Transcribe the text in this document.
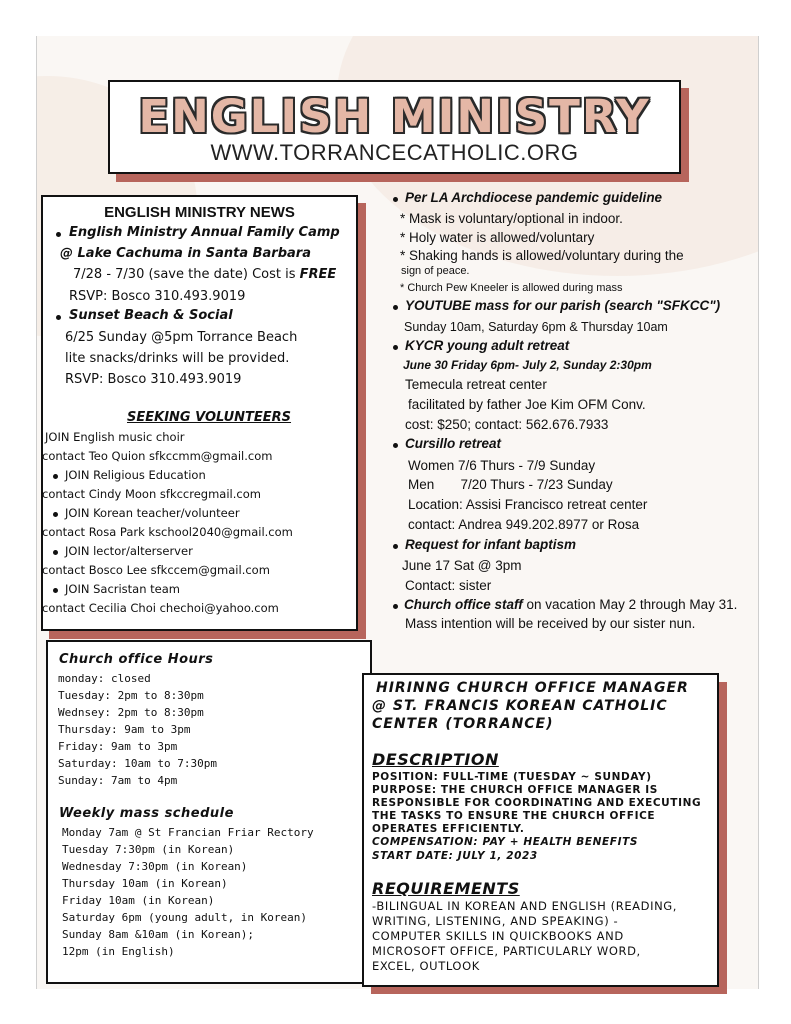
ENGLISH MINISTRY
WWW.TORRANCECATHOLIC.ORG
ENGLISH MINISTRY NEWS
English Ministry Annual Family Camp
@ Lake Cachuma in Santa Barbara
7/28 - 7/30 (save the date) Cost is FREE
RSVP: Bosco 310.493.9019
Sunset Beach & Social
6/25 Sunday @5pm Torrance Beach
lite snacks/drinks will be provided.
RSVP: Bosco 310.493.9019
SEEKING VOLUNTEERS
JOIN English music choir
contact Teo Quion sfkccmm@gmail.com
JOIN Religious Education
contact Cindy Moon sfkccregmail.com
JOIN Korean teacher/volunteer
contact Rosa Park kschool2040@gmail.com
JOIN lector/alterserver
contact Bosco Lee sfkccem@gmail.com
JOIN Sacristan team
contact Cecilia Choi chechoi@yahoo.com
Church office Hours
monday: closed
Tuesday: 2pm to 8:30pm
Wednsey: 2pm to 8:30pm
Thursday: 9am to 3pm
Friday: 9am to 3pm
Saturday: 10am to 7:30pm
Sunday: 7am to 4pm
Weekly mass schedule
Monday 7am @ St Francian Friar Rectory
Tuesday 7:30pm (in Korean)
Wednesday 7:30pm (in Korean)
Thursday 10am (in Korean)
Friday 10am (in Korean)
Saturday 6pm (young adult, in Korean)
Sunday 8am &10am (in Korean);
12pm (in English)
Per LA Archdiocese pandemic guideline
* Mask is voluntary/optional in indoor.
* Holy water is allowed/voluntary
* Shaking hands is allowed/voluntary during the
sign of peace.
* Church Pew Kneeler is allowed during mass
YOUTUBE mass for our parish (search "SFKCC")
Sunday 10am, Saturday 6pm & Thursday 10am
KYCR young adult retreat
June 30 Friday 6pm- July 2, Sunday 2:30pm
Temecula retreat center
facilitated by father Joe Kim OFM Conv.
cost: $250; contact: 562.676.7933
Cursillo retreat
Women 7/6 Thurs - 7/9 Sunday
Men       7/20 Thurs - 7/23 Sunday
Location: Assisi Francisco retreat center
contact: Andrea 949.202.8977 or Rosa
Request for infant baptism
June 17 Sat @ 3pm
Contact: sister
Church office staff on vacation May 2 through May 31.
Mass intention will be received by our sister nun.
HIRINNG CHURCH OFFICE MANAGER
@ ST. FRANCIS KOREAN CATHOLIC
CENTER (TORRANCE)
DESCRIPTION
POSITION: FULL-TIME (TUESDAY ~ SUNDAY)
PURPOSE: THE CHURCH OFFICE MANAGER IS
RESPONSIBLE FOR COORDINATING AND EXECUTING
THE TASKS TO ENSURE THE CHURCH OFFICE
OPERATES EFFICIENTLY.
COMPENSATION: PAY + HEALTH BENEFITS
START DATE: JULY 1, 2023
REQUIREMENTS
-BILINGUAL IN KOREAN AND ENGLISH (READING,
WRITING, LISTENING, AND SPEAKING) -
COMPUTER SKILLS IN QUICKBOOKS AND
MICROSOFT OFFICE, PARTICULARLY WORD,
EXCEL, OUTLOOK
